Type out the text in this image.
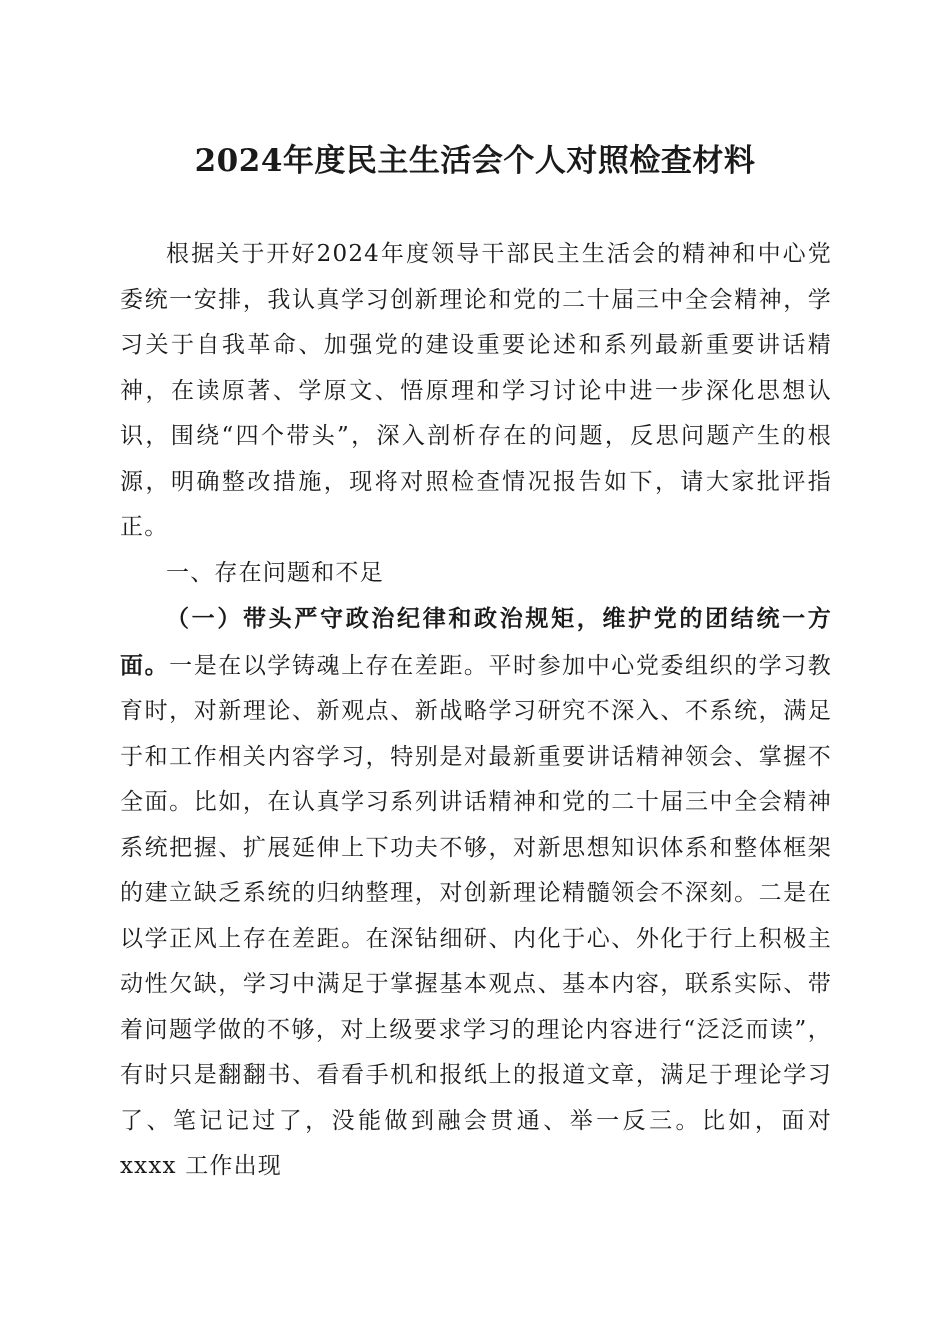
2024年度民主生活会个人对照检查材料

根据关于开好2024年度领导干部民主生活会的精神和中心党委统一安排，我认真学习创新理论和党的二十届三中全会精神，学习关于自我革命、加强党的建设重要论述和系列最新重要讲话精神，在读原著、学原文、悟原理和学习讨论中进一步深化思想认识，围绕“四个带头”，深入剖析存在的问题，反思问题产生的根源，明确整改措施，现将对照检查情况报告如下，请大家批评指正。

一、存在问题和不足

（一）带头严守政治纪律和政治规矩，维护党的团结统一方面。一是在以学铸魂上存在差距。平时参加中心党委组织的学习教育时，对新理论、新观点、新战略学习研究不深入、不系统，满足于和工作相关内容学习，特别是对最新重要讲话精神领会、掌握不全面。比如，在认真学习系列讲话精神和党的二十届三中全会精神系统把握、扩展延伸上下功夫不够，对新思想知识体系和整体框架的建立缺乏系统的归纳整理，对创新理论精髓领会不深刻。二是在以学正风上存在差距。在深钻细研、内化于心、外化于行上积极主动性欠缺，学习中满足于掌握基本观点、基本内容，联系实际、带着问题学做的不够，对上级要求学习的理论内容进行“泛泛而读”，有时只是翻翻书、看看手机和报纸上的报道文章，满足于理论学习了、笔记记过了，没能做到融会贯通、举一反三。比如，面对 xxxx 工作出现
